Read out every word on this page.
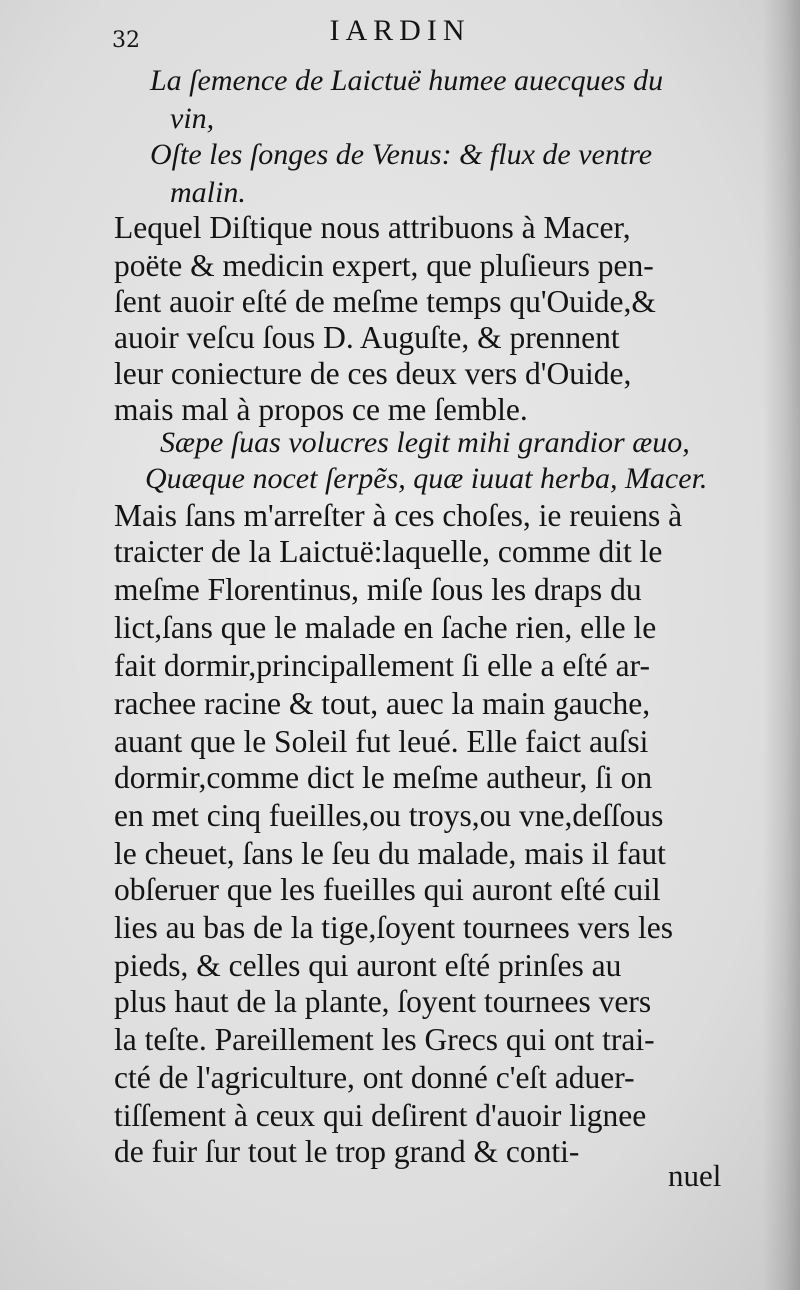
32	IARDIN
La ſemence de Laictuë humee auecques du
vin,
Oſte les ſonges de Venus: & flux de ventre
malin.
Lequel Diſtique nous attribuons à Macer,
poëte & medicin expert, que pluſieurs pen-
ſent auoir eſté de meſme temps qu'Ouide,&
auoir veſcu ſous D. Auguſte, & prennent
leur coniecture de ces deux vers d'Ouide,
mais mal à propos ce me ſemble.
Sæpe ſuas volucres legit mihi grandior æuo,
Quæque nocet ſerpẽs, quæ iuuat herba, Macer.
Mais ſans m'arreſter à ces choſes, ie reuiens à
traicter de la Laictuë:laquelle, comme dit le
meſme Florentinus, miſe ſous les draps du
lict,ſans que le malade en ſache rien, elle le
fait dormir,principallement ſi elle a eſté ar-
rachee racine & tout, auec la main gauche,
auant que le Soleil fut leué. Elle faict auſsi
dormir,comme dict le meſme autheur, ſi on
en met cinq fueilles,ou troys,ou vne,deſſous
le cheuet, ſans le ſeu du malade, mais il faut
obſeruer que les fueilles qui auront eſté cuil
lies au bas de la tige,ſoyent tournees vers les
pieds, & celles qui auront eſté prinſes au
plus haut de la plante, ſoyent tournees vers
la teſte. Pareillement les Grecs qui ont trai-
cté de l'agriculture, ont donné c'eſt aduer-
tiſſement à ceux qui deſirent d'auoir lignee
de fuir ſur tout le trop grand & conti-
nuel
